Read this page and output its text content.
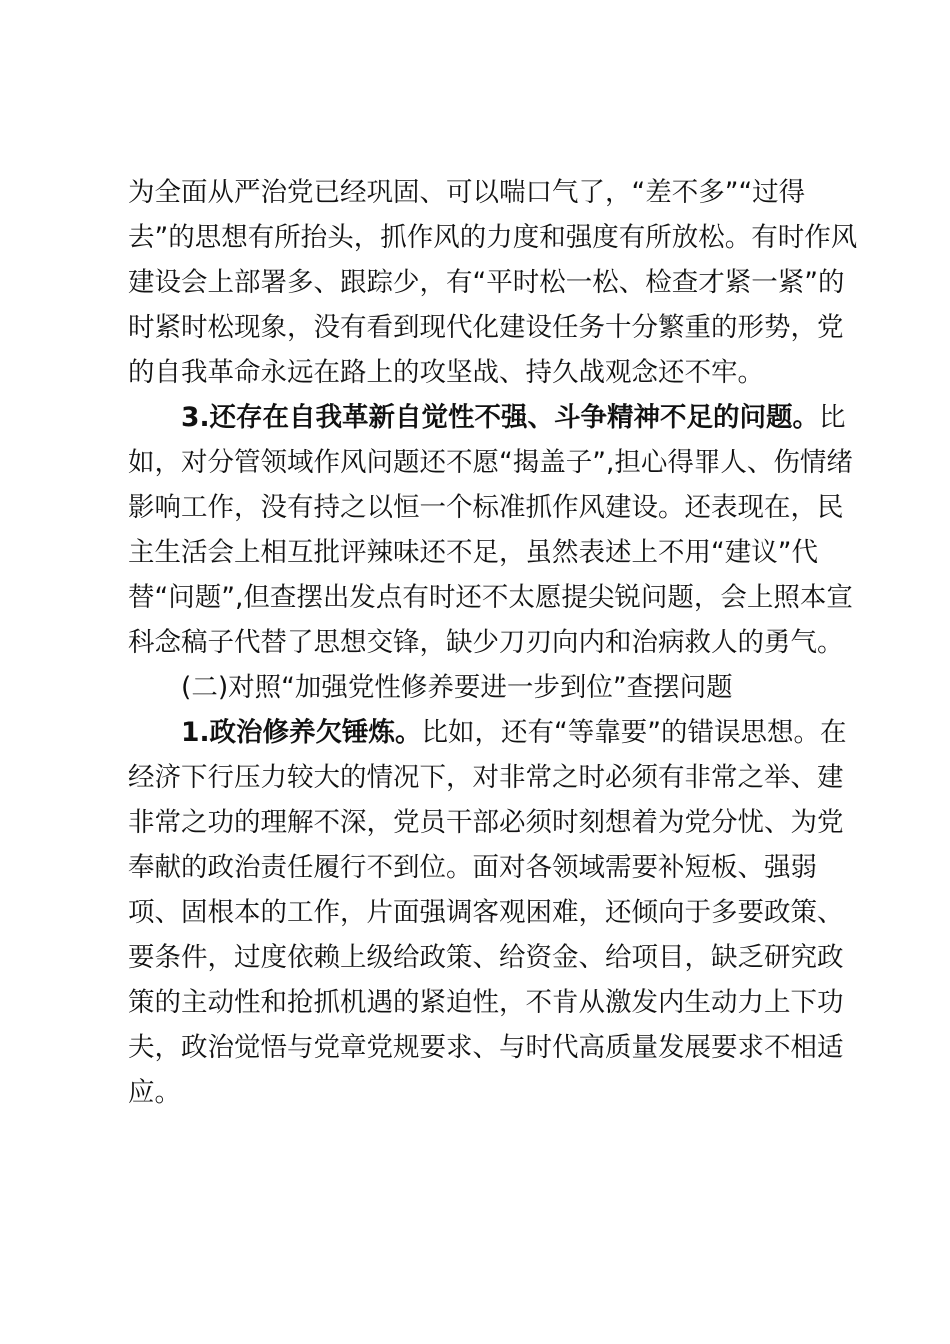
为全面从严治党已经巩固、可以喘口气了，“差不多”“过得
去”的思想有所抬头，抓作风的力度和强度有所放松。有时作风
建设会上部署多、跟踪少，有“平时松一松、检查才紧一紧”的
时紧时松现象，没有看到现代化建设任务十分繁重的形势，党
的自我革命永远在路上的攻坚战、持久战观念还不牢。
3.还存在自我革新自觉性不强、斗争精神不足的问题。比
如，对分管领域作风问题还不愿“揭盖子”,担心得罪人、伤情绪
影响工作，没有持之以恒一个标准抓作风建设。还表现在，民
主生活会上相互批评辣味还不足，虽然表述上不用“建议”代
替“问题”,但查摆出发点有时还不太愿提尖锐问题，会上照本宣
科念稿子代替了思想交锋，缺少刀刃向内和治病救人的勇气。
(二)对照“加强党性修养要进一步到位”查摆问题
1.政治修养欠锤炼。比如，还有“等靠要”的错误思想。在
经济下行压力较大的情况下，对非常之时必须有非常之举、建
非常之功的理解不深，党员干部必须时刻想着为党分忧、为党
奉献的政治责任履行不到位。面对各领域需要补短板、强弱
项、固根本的工作，片面强调客观困难，还倾向于多要政策、
要条件，过度依赖上级给政策、给资金、给项目，缺乏研究政
策的主动性和抢抓机遇的紧迫性，不肯从激发内生动力上下功
夫，政治觉悟与党章党规要求、与时代高质量发展要求不相适
应。
